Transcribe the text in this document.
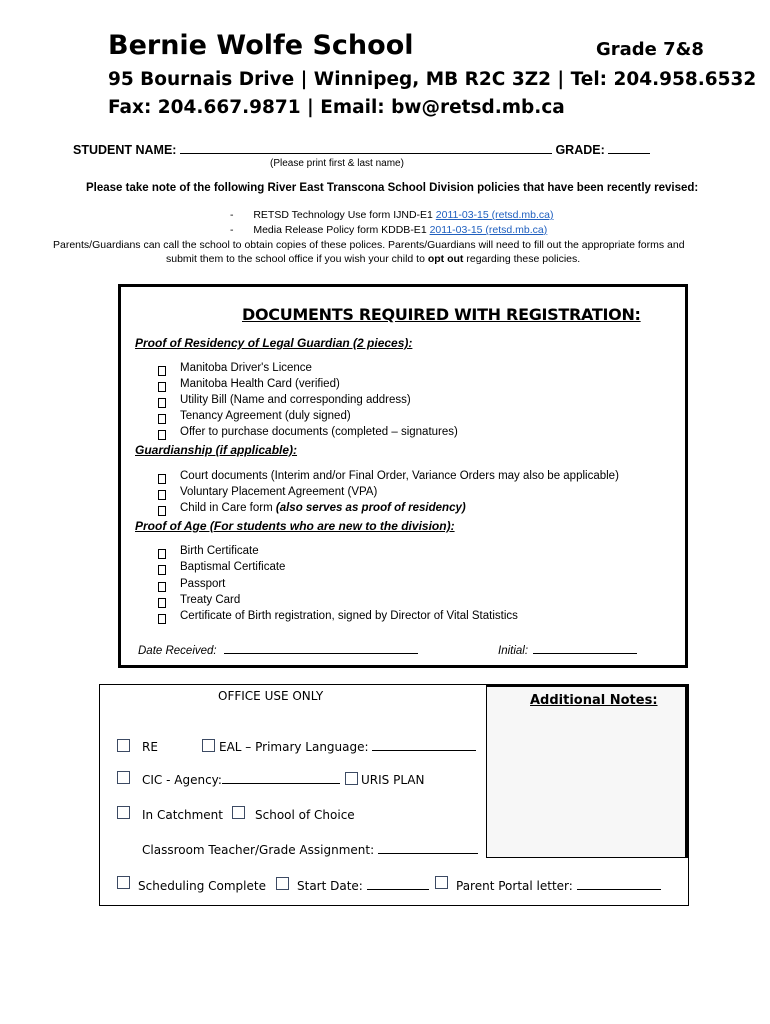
Bernie Wolfe School	Grade 7&8
95 Bournais Drive | Winnipeg, MB R2C 3Z2 | Tel: 204.958.6532
Fax: 204.667.9871 | Email: bw@retsd.mb.ca
STUDENT NAME:	GRADE:
(Please print first & last name)
Please take note of the following River East Transcona School Division policies that have been recently revised:
- RETSD Technology Use form IJND-E1 2011-03-15 (retsd.mb.ca)
- Media Release Policy form KDDB-E1 2011-03-15 (retsd.mb.ca)
Parents/Guardians can call the school to obtain copies of these polices. Parents/Guardians will need to fill out the appropriate forms and
submit them to the school office if you wish your child to opt out regarding these policies.
DOCUMENTS REQUIRED WITH REGISTRATION:
Proof of Residency of Legal Guardian (2 pieces):
Manitoba Driver's Licence
Manitoba Health Card (verified)
Utility Bill (Name and corresponding address)
Tenancy Agreement (duly signed)
Offer to purchase documents (completed – signatures)
Guardianship (if applicable):
Court documents (Interim and/or Final Order, Variance Orders may also be applicable)
Voluntary Placement Agreement (VPA)
Child in Care form (also serves as proof of residency)
Proof of Age (For students who are new to the division):
Birth Certificate
Baptismal Certificate
Passport
Treaty Card
Certificate of Birth registration, signed by Director of Vital Statistics
Date Received:	Initial:
OFFICE USE ONLY	Additional Notes:
RE	EAL – Primary Language:
CIC - Agency:	URIS PLAN
In Catchment	School of Choice
Classroom Teacher/Grade Assignment:
Scheduling Complete	Start Date:	Parent Portal letter:
